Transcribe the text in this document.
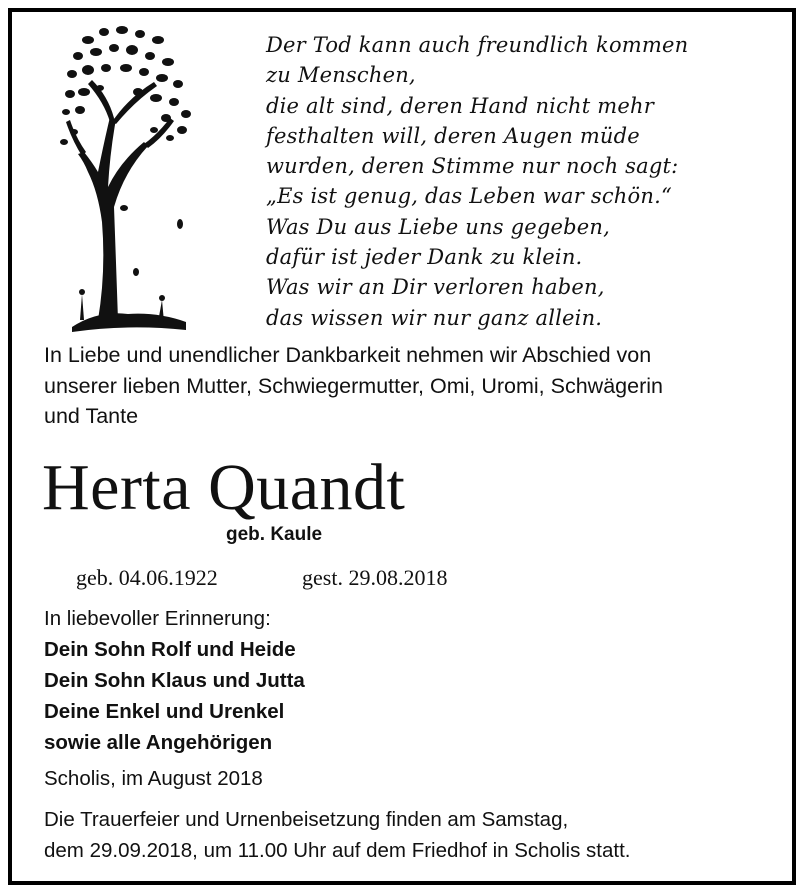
Der Tod kann auch freundlich kommen
zu Menschen,
die alt sind, deren Hand nicht mehr
festhalten will, deren Augen müde
wurden, deren Stimme nur noch sagt:
„Es ist genug, das Leben war schön.“
Was Du aus Liebe uns gegeben,
dafür ist jeder Dank zu klein.
Was wir an Dir verloren haben,
das wissen wir nur ganz allein.
In Liebe und unendlicher Dankbarkeit nehmen wir Abschied von
unserer lieben Mutter, Schwiegermutter, Omi, Uromi, Schwägerin
und Tante
Herta Quandt
geb. Kaule
geb. 04.06.1922	gest. 29.08.2018
In liebevoller Erinnerung:
Dein Sohn Rolf und Heide
Dein Sohn Klaus und Jutta
Deine Enkel und Urenkel
sowie alle Angehörigen
Scholis, im August 2018
Die Trauerfeier und Urnenbeisetzung finden am Samstag,
dem 29.09.2018, um 11.00 Uhr auf dem Friedhof in Scholis statt.
